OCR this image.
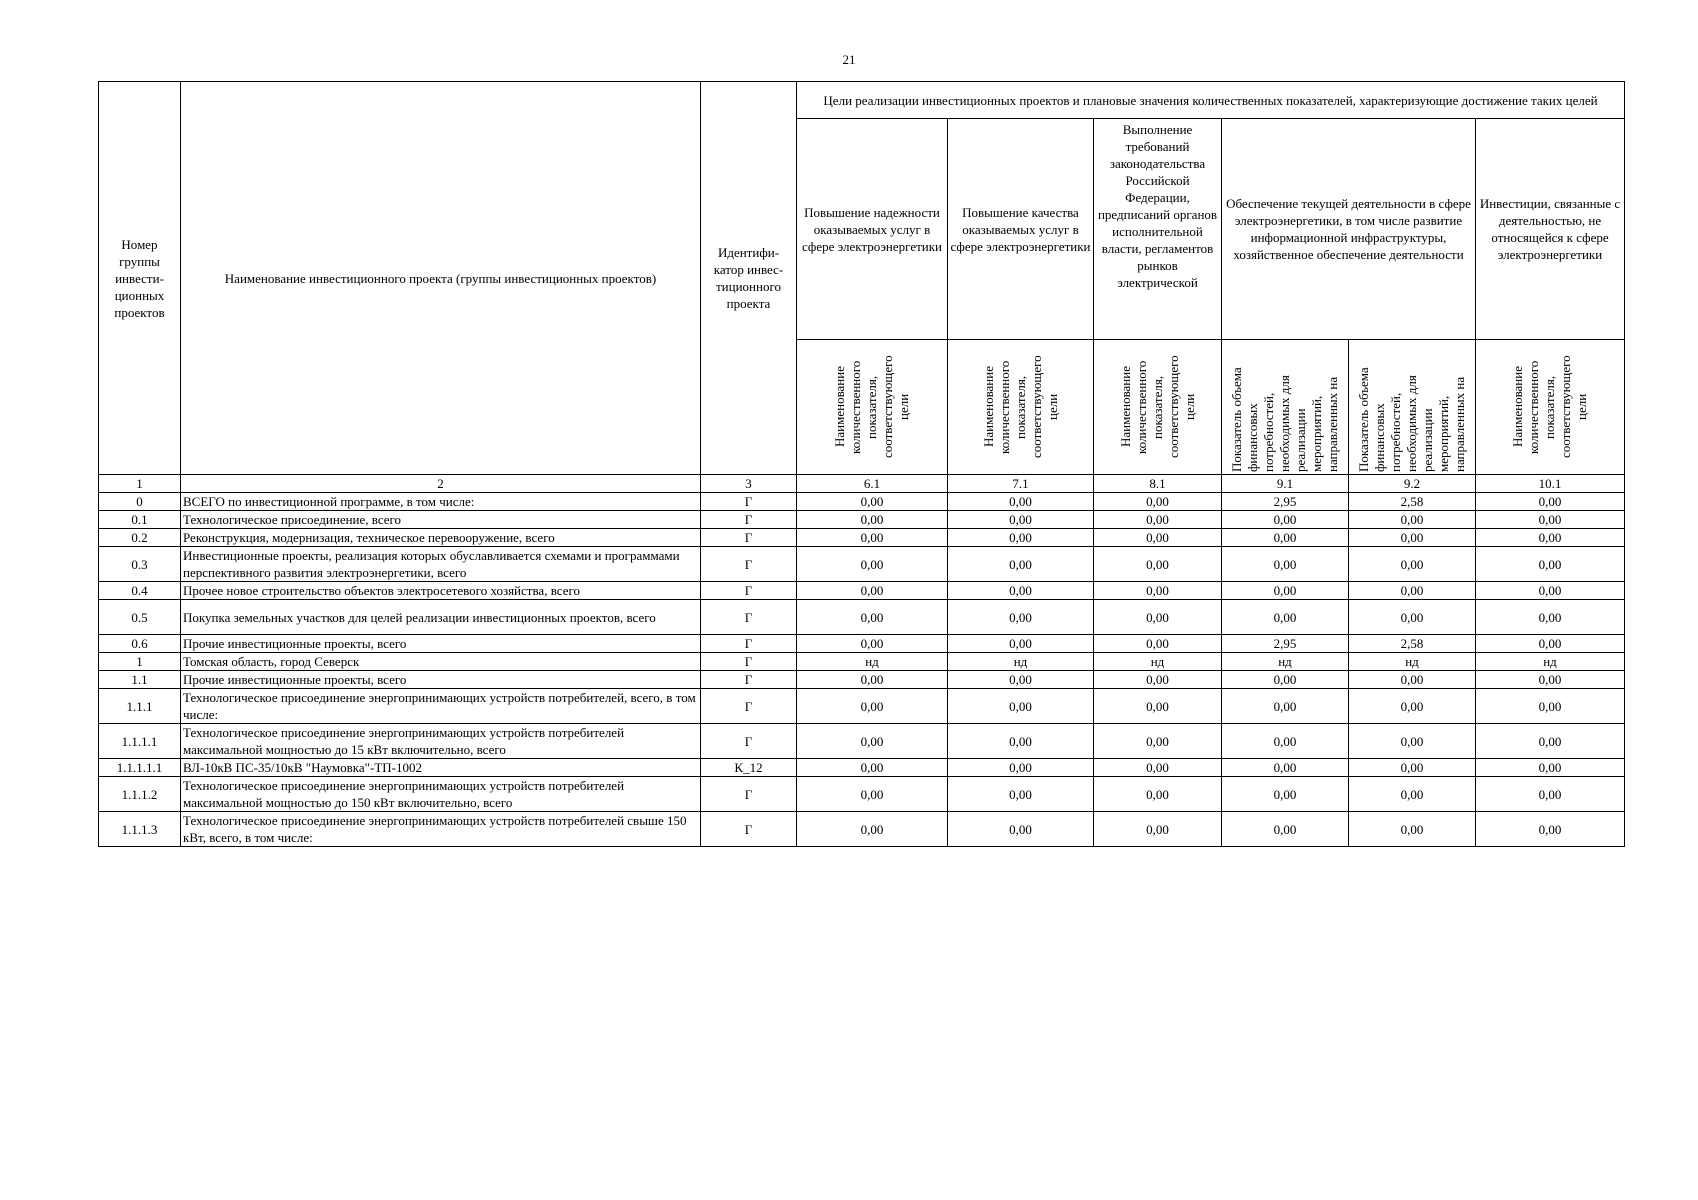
21
Номер группы инвести-ционных проектов	Наименование инвестиционного проекта (группы инвестиционных проектов)	Идентифи-катор инвес-тиционного проекта	Цели реализации инвестиционных проектов и плановые значения количественных показателей, характеризующие достижение таких целей					
			Повышение надежности оказываемых услуг в сфере электроэнергетики	Повышение качества оказываемых услуг в сфере электроэнергетики	Выполнение требований законодательства Российской Федерации, предписаний органов исполнительной власти, регламентов рынков электрической	Обеспечение текущей деятельности в сфере электроэнергетики, в том числе развитие информационной инфраструктуры, хозяйственное обеспечение деятельности		Инвестиции, связанные с деятельностью, не относящейся к сфере электроэнергетики

			Наименование количественного показателя, соответствующего цели	Наименование количественного показателя, соответствующего цели	Наименование количественного показателя, соответствующего цели	Показатель объема финансовых потребностей, необходимых для реализации мероприятий, направленных на	Показатель объема финансовых потребностей, необходимых для реализации мероприятий, направленных на	Наименование количественного показателя, соответствующего цели

1	2	3	6.1	7.1	8.1	9.1	9.2	10.1
0	ВСЕГО по инвестиционной программе, в том числе:	Г	0,00	0,00	0,00	2,95	2,58	0,00
0.1	Технологическое присоединение, всего	Г	0,00	0,00	0,00	0,00	0,00	0,00
0.2	Реконструкция, модернизация, техническое перевооружение, всего	Г	0,00	0,00	0,00	0,00	0,00	0,00
0.3	Инвестиционные проекты, реализация которых обуславливается схемами и программами перспективного развития электроэнергетики, всего	Г	0,00	0,00	0,00	0,00	0,00	0,00
0.4	Прочее новое строительство объектов электросетевого хозяйства, всего	Г	0,00	0,00	0,00	0,00	0,00	0,00
0.5	Покупка земельных участков для целей реализации инвестиционных проектов, всего	Г	0,00	0,00	0,00	0,00	0,00	0,00
0.6	Прочие инвестиционные проекты, всего	Г	0,00	0,00	0,00	2,95	2,58	0,00
1	Томская область, город Северск	Г	нд	нд	нд	нд	нд	нд
1.1	Прочие инвестиционные проекты, всего	Г	0,00	0,00	0,00	0,00	0,00	0,00
1.1.1	Технологическое присоединение энергопринимающих устройств потребителей, всего, в том числе:	Г	0,00	0,00	0,00	0,00	0,00	0,00
1.1.1.1	Технологическое присоединение энергопринимающих устройств потребителей максимальной мощностью до 15 кВт включительно, всего	Г	0,00	0,00	0,00	0,00	0,00	0,00
1.1.1.1.1	ВЛ-10кВ ПС-35/10кВ "Наумовка"-ТП-1002	К_12	0,00	0,00	0,00	0,00	0,00	0,00
1.1.1.2	Технологическое присоединение энергопринимающих устройств потребителей максимальной мощностью до 150 кВт включительно, всего	Г	0,00	0,00	0,00	0,00	0,00	0,00
1.1.1.3	Технологическое присоединение энергопринимающих устройств потребителей свыше 150 кВт, всего, в том числе:	Г	0,00	0,00	0,00	0,00	0,00	0,00
